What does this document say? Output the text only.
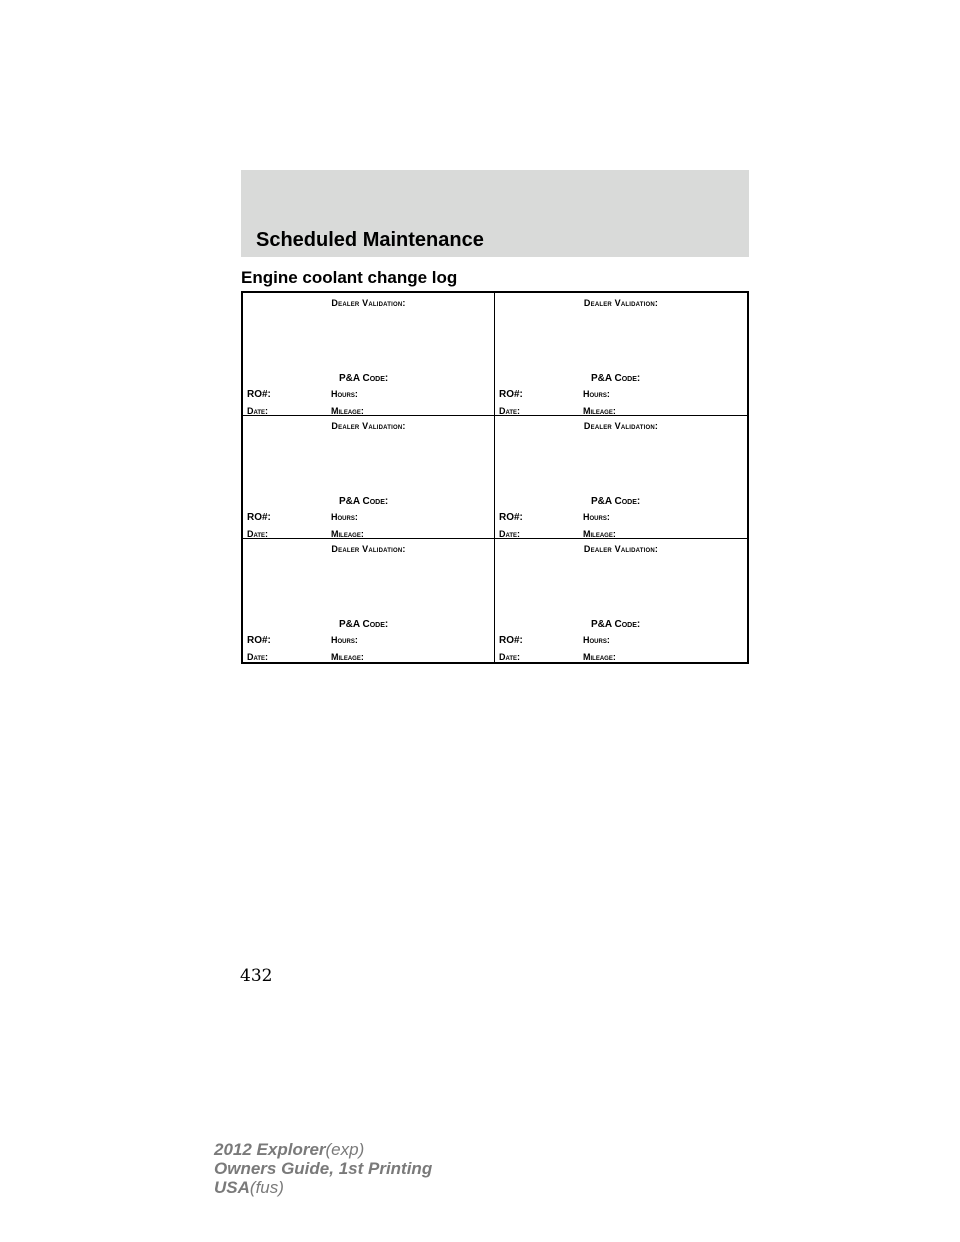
Scheduled Maintenance
Engine coolant change log
Dealer Validation:
P&A Code:
RO#:	Hours:
Date:	Mileage:
Dealer Validation:
P&A Code:
RO#:	Hours:
Date:	Mileage:
Dealer Validation:
P&A Code:
RO#:	Hours:
Date:	Mileage:
Dealer Validation:
P&A Code:
RO#:	Hours:
Date:	Mileage:
Dealer Validation:
P&A Code:
RO#:	Hours:
Date:	Mileage:
Dealer Validation:
P&A Code:
RO#:	Hours:
Date:	Mileage:
432
2012 Explorer(exp)
Owners Guide, 1st Printing
USA(fus)
